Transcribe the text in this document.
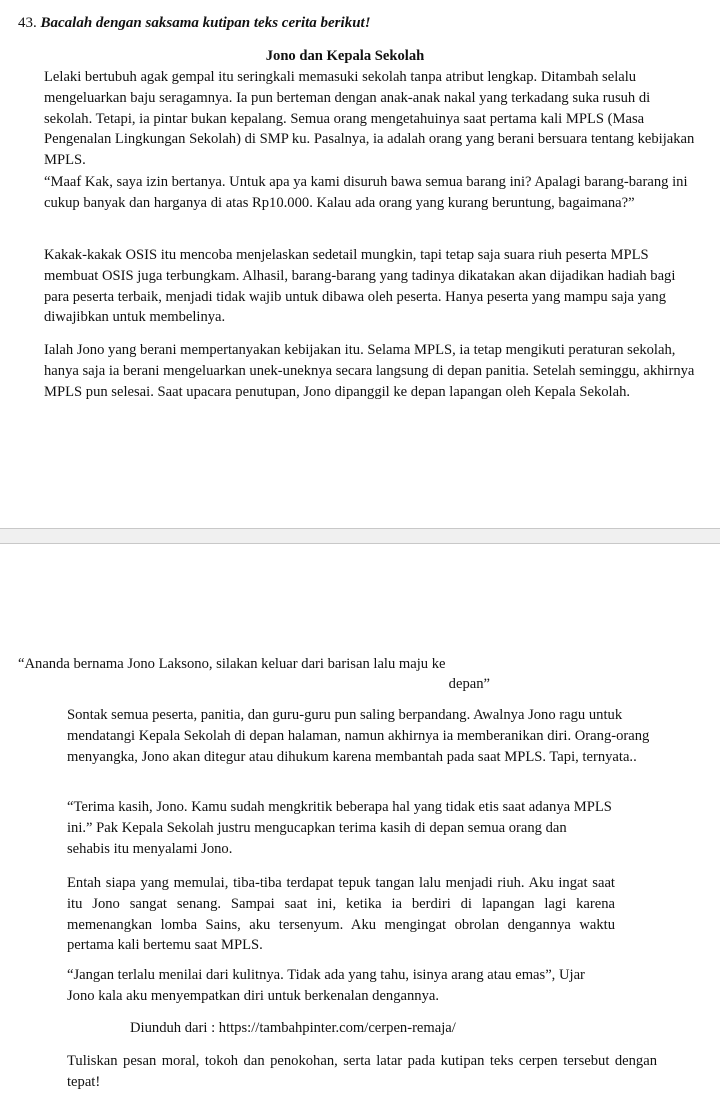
43. Bacalah dengan saksama kutipan teks cerita berikut!
Jono dan Kepala Sekolah

Lelaki bertubuh agak gempal itu seringkali memasuki sekolah tanpa atribut lengkap. Ditambah selalu mengeluarkan baju seragamnya. Ia pun berteman dengan anak-anak nakal yang terkadang suka rusuh di sekolah. Tetapi, ia pintar bukan kepalang. Semua orang mengetahuinya saat pertama kali MPLS (Masa Pengenalan Lingkungan Sekolah) di SMP ku. Pasalnya, ia adalah orang yang berani bersuara tentang kebijakan MPLS.

“Maaf Kak, saya izin bertanya. Untuk apa ya kami disuruh bawa semua barang ini? Apalagi barang-barang ini cukup banyak dan harganya di atas Rp10.000. Kalau ada orang yang kurang beruntung, bagaimana?”

Kakak-kakak OSIS itu mencoba menjelaskan sedetail mungkin, tapi tetap saja suara riuh peserta MPLS membuat OSIS juga terbungkam. Alhasil, barang-barang yang tadinya dikatakan akan dijadikan hadiah bagi para peserta terbaik, menjadi tidak wajib untuk dibawa oleh peserta. Hanya peserta yang mampu saja yang diwajibkan untuk membelinya.

Ialah Jono yang berani mempertanyakan kebijakan itu. Selama MPLS, ia tetap mengikuti peraturan sekolah, hanya saja ia berani mengeluarkan unek-uneknya secara langsung di depan panitia. Setelah seminggu, akhirnya MPLS pun selesai. Saat upacara penutupan, Jono dipanggil ke depan lapangan oleh Kepala Sekolah.

“Ananda bernama Jono Laksono, silakan keluar dari barisan lalu maju ke
depan”

Sontak semua peserta, panitia, dan guru-guru pun saling berpandang. Awalnya Jono ragu untuk mendatangi Kepala Sekolah di depan halaman, namun akhirnya ia memberanikan diri. Orang-orang menyangka, Jono akan ditegur atau dihukum karena membantah pada saat MPLS. Tapi, ternyata..

“Terima kasih, Jono. Kamu sudah mengkritik beberapa hal yang tidak etis saat adanya MPLS ini.” Pak Kepala Sekolah justru mengucapkan terima kasih di depan semua orang dan sehabis itu menyalami Jono.

Entah siapa yang memulai, tiba-tiba terdapat tepuk tangan lalu menjadi riuh. Aku ingat saat itu Jono sangat senang. Sampai saat ini, ketika ia berdiri di lapangan lagi karena memenangkan lomba Sains, aku tersenyum. Aku mengingat obrolan dengannya waktu pertama kali bertemu saat MPLS.

“Jangan terlalu menilai dari kulitnya. Tidak ada yang tahu, isinya arang atau emas”, Ujar Jono kala aku menyempatkan diri untuk berkenalan dengannya.

Diunduh dari : https://tambahpinter.com/cerpen-remaja/
Tuliskan pesan moral, tokoh dan penokohan, serta latar pada kutipan teks cerpen tersebut dengan tepat!
